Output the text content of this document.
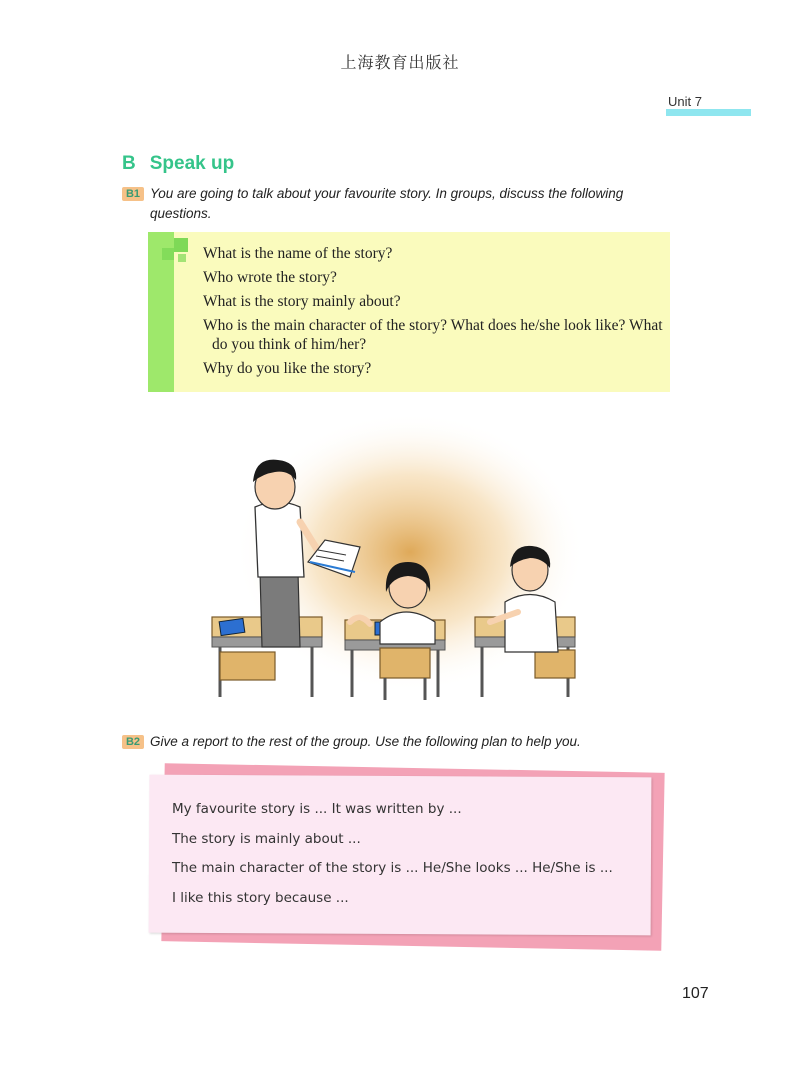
上海教育出版社
Unit 7
B Speak up
B1 You are going to talk about your favourite story. In groups, discuss the following
questions.
What is the name of the story?
Who wrote the story?
What is the story mainly about?
Who is the main character of the story? What does he/she look like? What do you think of him/her?
Why do you like the story?
B2 Give a report to the rest of the group. Use the following plan to help you.
My favourite story is ... It was written by ...
The story is mainly about ...
The main character of the story is ... He/She looks ... He/She is ...
I like this story because ...
107
